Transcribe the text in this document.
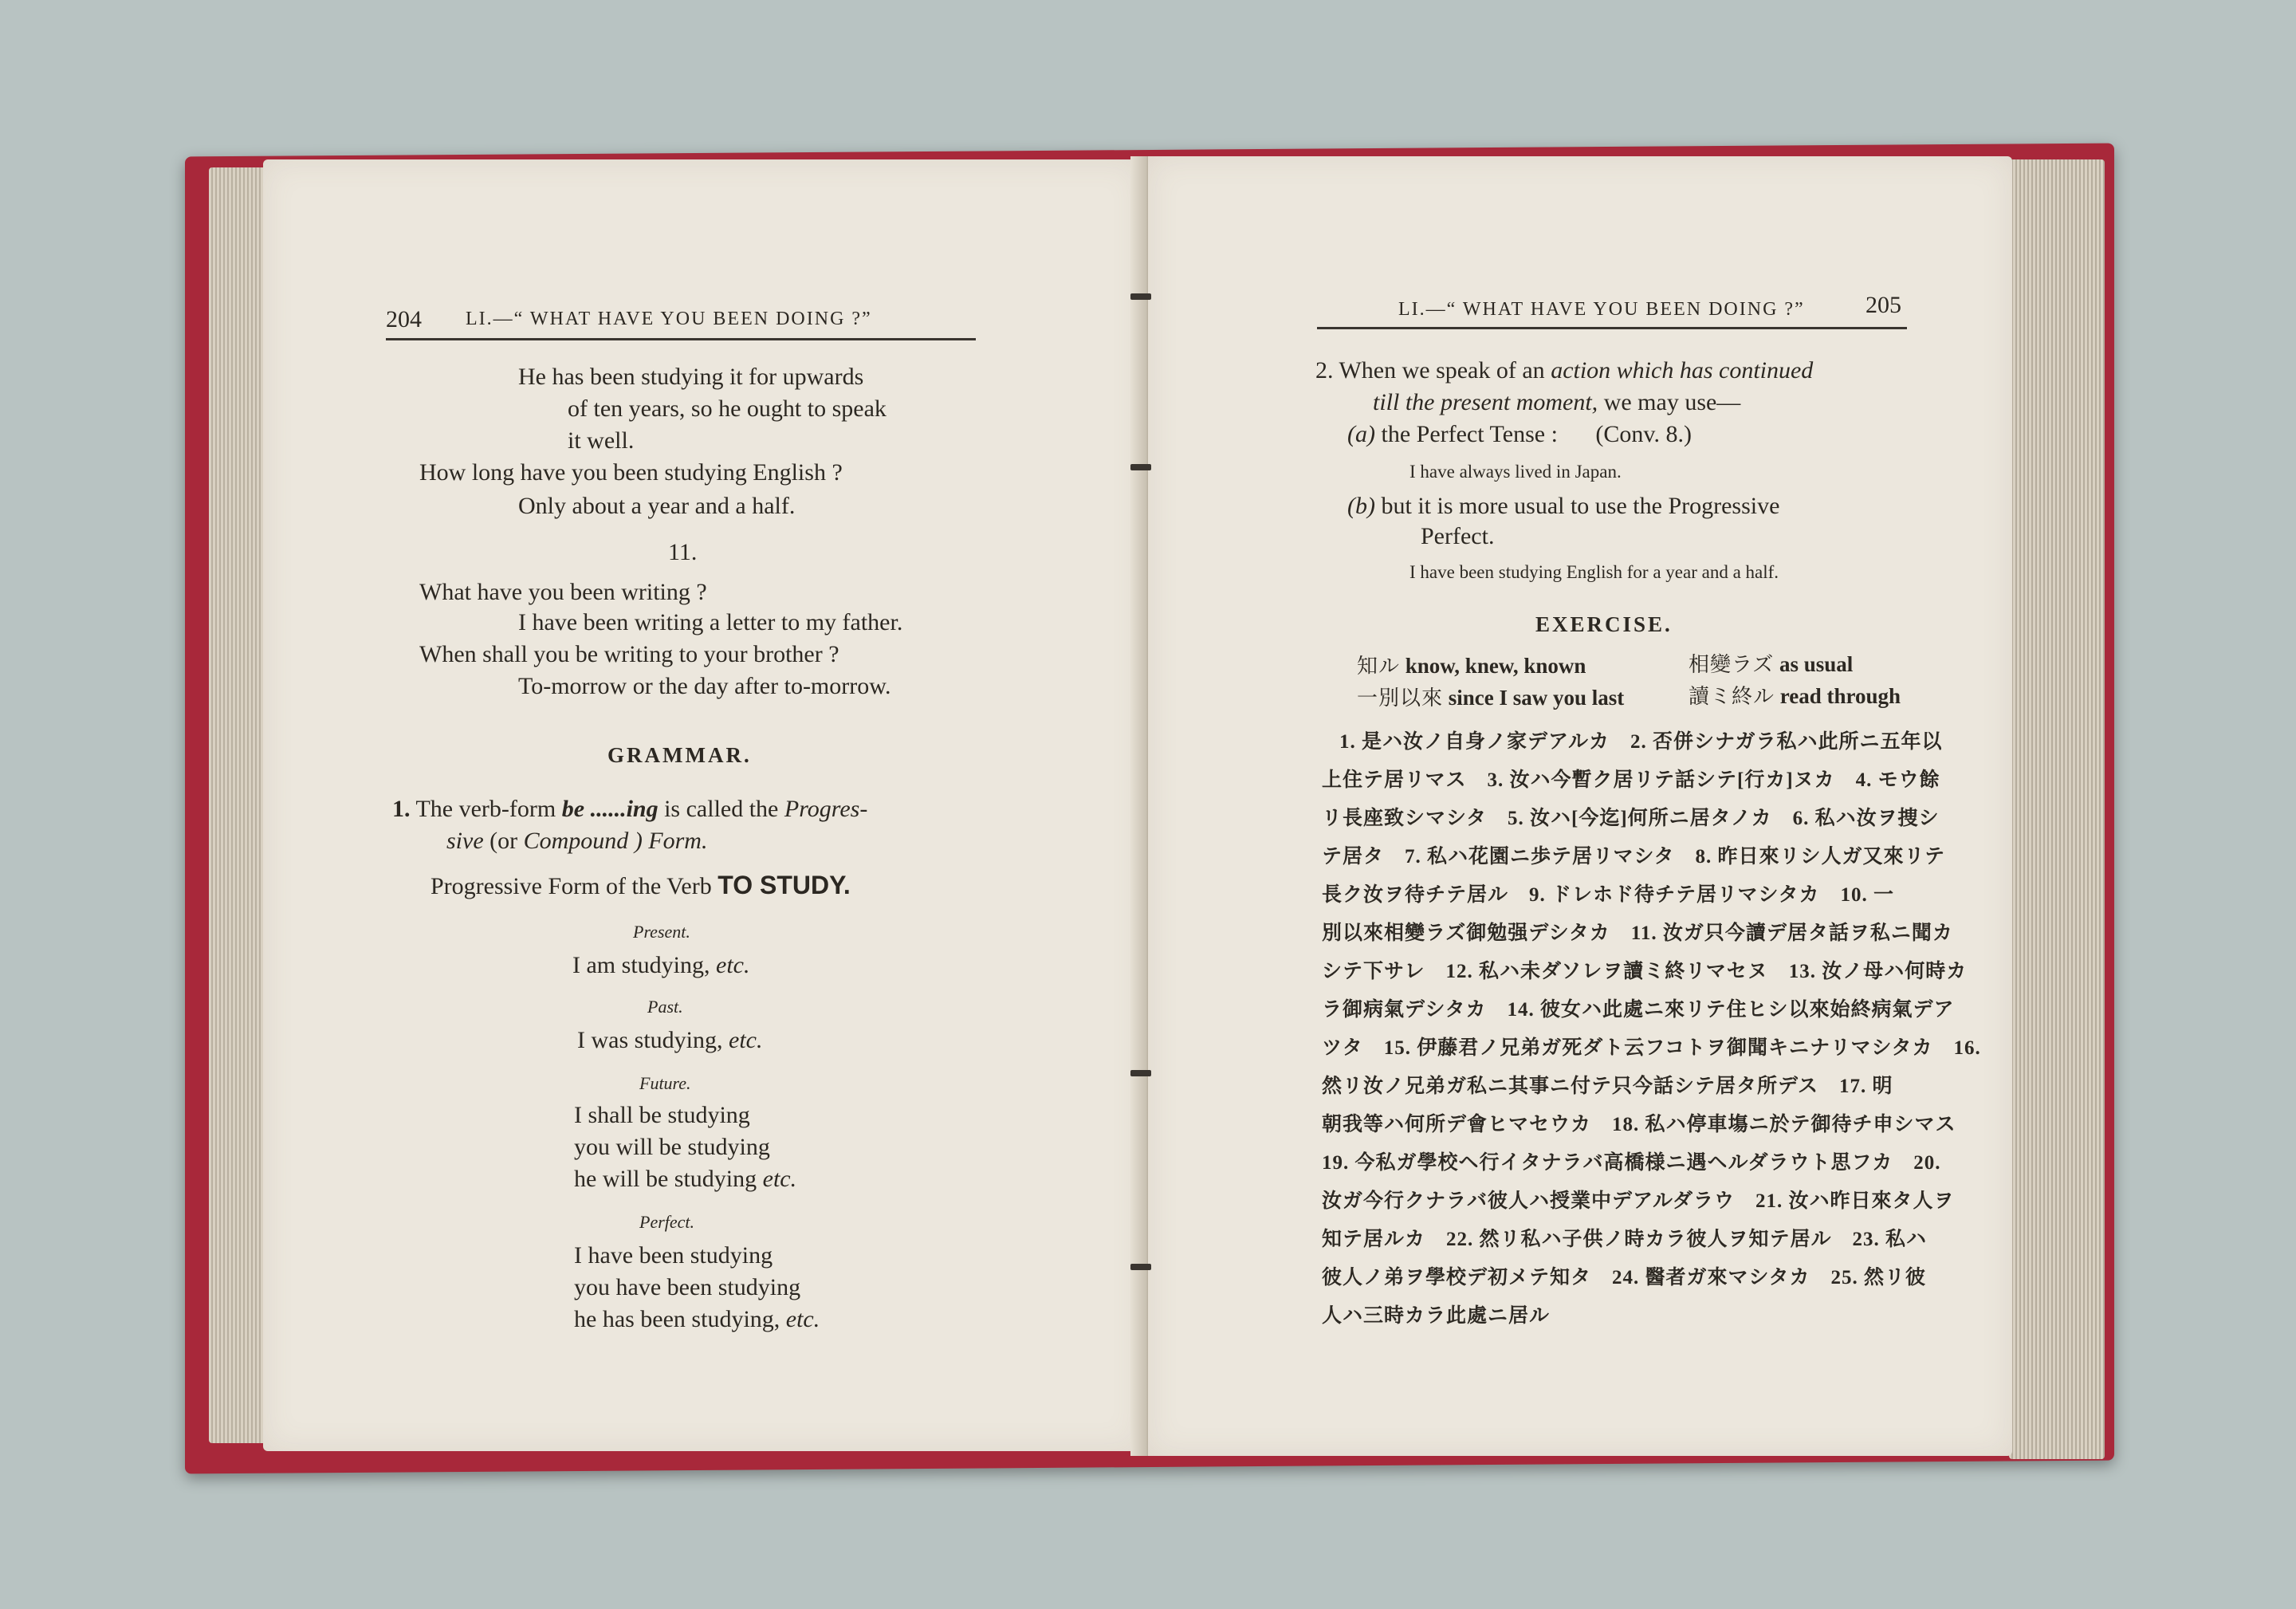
204 LI.—“ WHAT HAVE YOU BEEN DOING ?”
He has been studying it for upwards
of ten years, so he ought to speak
it well.
How long have you been studying English ?
Only about a year and a half.
11.
What have you been writing ?
I have been writing a letter to my father.
When shall you be writing to your brother ?
To-morrow or the day after to-morrow.
GRAMMAR.
1. The verb-form be ......ing is called the Progres-
sive (or Compound ) Form.
Progressive Form of the Verb TO STUDY.
Present.
I am studying, etc.
Past.
I was studying, etc.
Future.
I shall be studying
you will be studying
he will be studying etc.
Perfect.
I have been studying
you have been studying
he has been studying, etc.
LI.—“ WHAT HAVE YOU BEEN DOING ?”	205
2. When we speak of an action which has continued
till the present moment, we may use—
(a) the Perfect Tense : (Conv. 8.)
I have always lived in Japan.
(b) but it is more usual to use the Progressive
Perfect.
I have been studying English for a year and a half.
EXERCISE.
知ル know, knew, known	相變ラズ as usual
一別以來 since I saw you last	讀ミ終ル read through
1. 是ハ汝ノ自身ノ家デアルカ　2. 否併シナガラ私ハ此所ニ五年以
上住テ居リマス　3. 汝ハ今暫ク居リテ話シテ[行カ]ヌカ　4. モウ餘
リ長座致シマシタ　5. 汝ハ[今迄]何所ニ居タノカ　6. 私ハ汝ヲ捜シ
テ居タ　7. 私ハ花園ニ歩テ居リマシタ　8. 昨日來リシ人ガ又來リテ
長ク汝ヲ待チテ居ル　9. ドレホド待チテ居リマシタカ　10. 一
別以來相變ラズ御勉强デシタカ　11. 汝ガ只今讀デ居タ話ヲ私ニ聞カ
シテ下サレ　12. 私ハ未ダソレヲ讀ミ終リマセヌ　13. 汝ノ母ハ何時カ
ラ御病氣デシタカ　14. 彼女ハ此處ニ來リテ住ヒシ以來始終病氣デア
ツタ　15. 伊藤君ノ兄弟ガ死ダト云フコトヲ御聞キニナリマシタカ　16.
然リ汝ノ兄弟ガ私ニ其事ニ付テ只今話シテ居タ所デス　17. 明
朝我等ハ何所デ會ヒマセウカ　18. 私ハ停車塲ニ於テ御待チ申シマス
19. 今私ガ學校ヘ行イタナラバ高橋様ニ遇ヘルダラウト思フカ　20.
汝ガ今行クナラバ彼人ハ授業中デアルダラウ　21. 汝ハ昨日來タ人ヲ
知テ居ルカ　22. 然リ私ハ子供ノ時カラ彼人ヲ知テ居ル　23. 私ハ
彼人ノ弟ヲ學校デ初メテ知タ　24. 醫者ガ來マシタカ　25. 然リ彼
人ハ三時カラ此處ニ居ル
